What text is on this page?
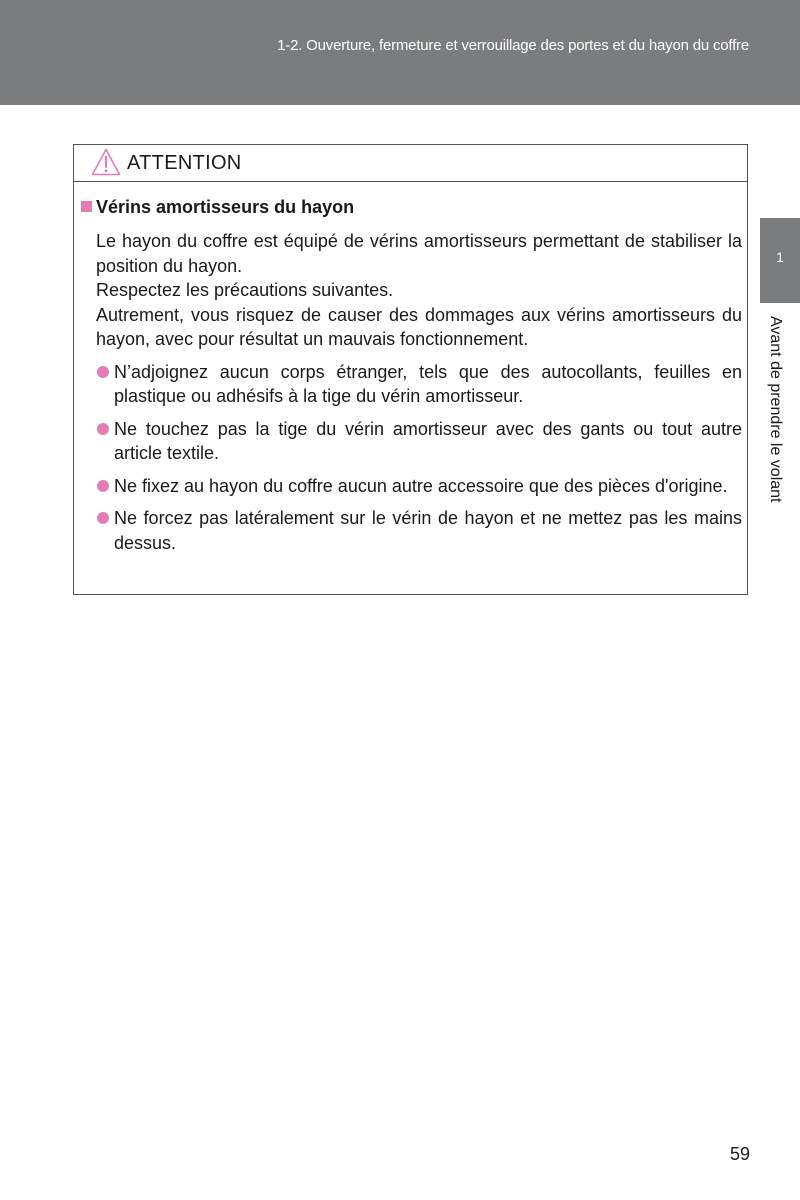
1-2. Ouverture, fermeture et verrouillage des portes et du hayon du coffre
1
Avant de prendre le volant
ATTENTION
Vérins amortisseurs du hayon

Le hayon du coffre est équipé de vérins amortisseurs permettant de stabiliser la position du hayon.

Respectez les précautions suivantes.

Autrement, vous risquez de causer des dommages aux vérins amortisseurs du hayon, avec pour résultat un mauvais fonctionnement.

N’adjoignez aucun corps étranger, tels que des autocollants, feuilles en plastique ou adhésifs à la tige du vérin amortisseur.
Ne touchez pas la tige du vérin amortisseur avec des gants ou tout autre article textile.
Ne fixez au hayon du coffre aucun autre accessoire que des pièces d'origine.
Ne forcez pas latéralement sur le vérin de hayon et ne mettez pas les mains dessus.
59
